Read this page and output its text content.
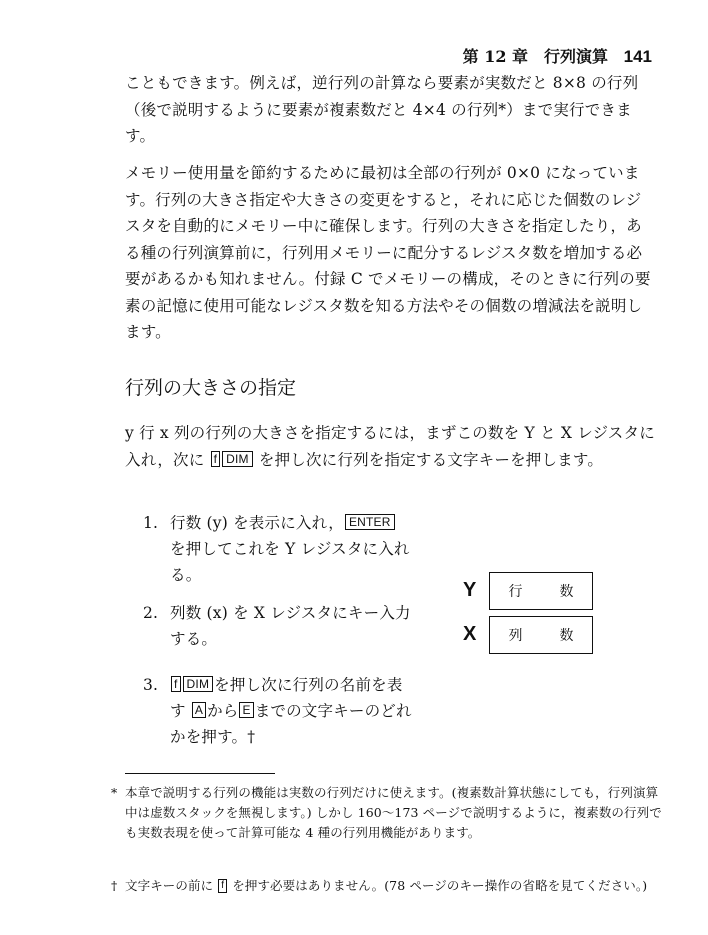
第 12 章　行列演算 141

こともできます。例えば，逆行列の計算なら要素が実数だと 8×8 の行列（後で説明するように要素が複素数だと 4×4 の行列*）まで実行できます。

メモリー使用量を節約するために最初は全部の行列が 0×0 になっています。行列の大きさ指定や大きさの変更をすると，それに応じた個数のレジスタを自動的にメモリー中に確保します。行列の大きさを指定したり，ある種の行列演算前に，行列用メモリーに配分するレジスタ数を増加する必要があるかも知れません。付録 C でメモリーの構成，そのときに行列の要素の記憶に使用可能なレジスタ数を知る方法やその個数の増減法を説明します。

行列の大きさの指定

y 行 x 列の行列の大きさを指定するには，まずこの数を Y と X レジスタに入れ，次に f DIM を押し次に行列を指定する文字キーを押します。

1. 行数 (y) を表示に入れ， ENTER
を押してこれを Y レジスタに入れる。
2. 列数 (x) を X レジスタにキー入力する。
3.	f DIM を押し次に行列の名前を表す A から E までの文字キーのどれかを押す。†
Y 行	数
X 列	数

* 本章で説明する行列の機能は実数の行列だけに使えます。(複素数計算状態にしても，行列演算中は虚数スタックを無視します。) しかし 160〜173 ページで説明するように，複素数の行列でも実数表現を使って計算可能な 4 種の行列用機能があります。

† 文字キーの前に f を押す必要はありません。(78 ページのキー操作の省略を見てください。)
